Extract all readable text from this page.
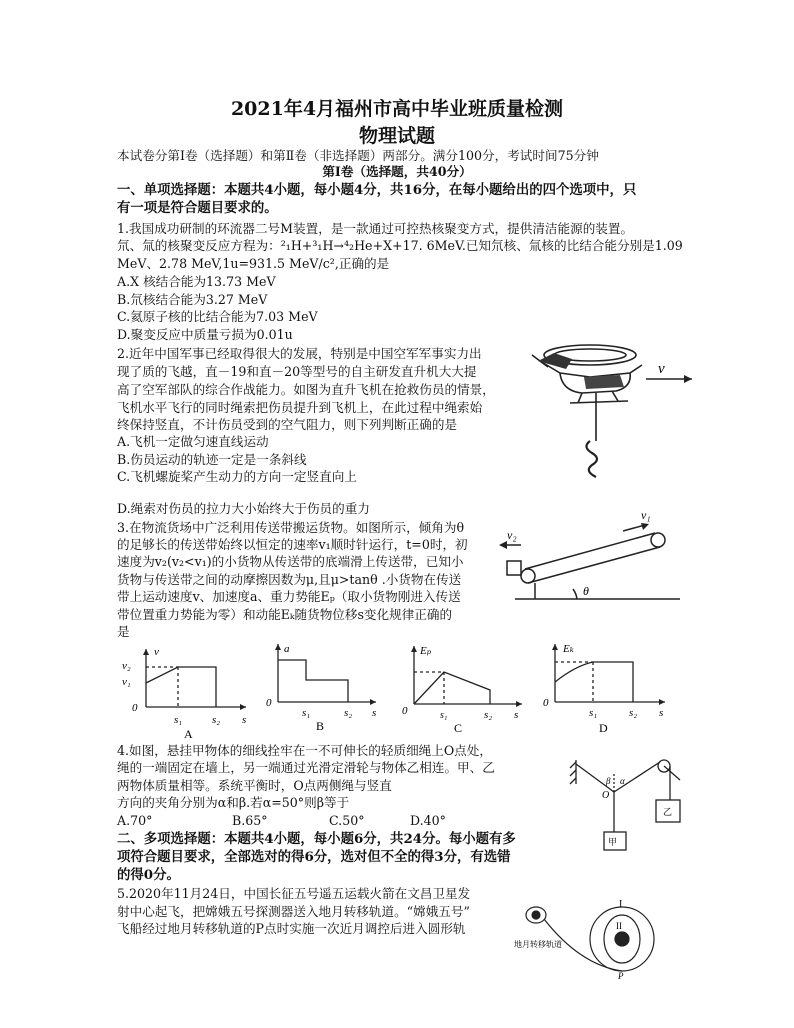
2021年4月福州市高中毕业班质量检测
物理试题
本试卷分第Ⅰ卷（选择题）和第Ⅱ卷（非选择题）两部分。满分100分，考试时间75分钟
第Ⅰ卷（选择题，共40分）
一、单项选择题：本题共4小题，每小题4分，共16分，在每小题给出的四个选项中，只
有一项是符合题目要求的。
1.我国成功研制的环流器二号M装置，是一款通过可控热核聚变方式，提供清洁能源的装置。
氘、氚的核聚变反应方程为：²₁H+³₁H→⁴₂He+X+17. 6MeV.已知氘核、氚核的比结合能分别是1.09
MeV、2.78 MeV,1u=931.5 MeV/c²,正确的是
A.X 核结合能为13.73 MeV
B.氘核结合能为3.27 MeV
C.氦原子核的比结合能为7.03 MeV
D.聚变反应中质量亏损为0.01u
2.近年中国军事已经取得很大的发展，特别是中国空军军事实力出
现了质的飞越，直－19和直－20等型号的自主研发直升机大大提
高了空军部队的综合作战能力。如图为直升飞机在抢救伤员的情景，
飞机水平飞行的同时绳索把伤员提升到飞机上，在此过程中绳索始
终保持竖直，不计伤员受到的空气阻力，则下列判断正确的是
A.飞机一定做匀速直线运动
B.伤员运动的轨迹一定是一条斜线
C.飞机螺旋桨产生动力的方向一定竖直向上
D.绳索对伤员的拉力大小始终大于伤员的重力
v
3.在物流货场中广泛利用传送带搬运货物。如图所示，倾角为θ
的足够长的传送带始终以恒定的速率v₁顺时针运行，t=0时，初
速度为v₂(v₂<v₁)的小货物从传送带的底端滑上传送带，已知小
货物与传送带之间的动摩擦因数为μ,且μ>tanθ .小货物在传送
带上运动速度v、加速度a、重力势能Eₚ（取小货物刚进入传送
带位置重力势能为零）和动能Eₖ随货物位移s变化规律正确的
是
v₂
v₁
θ
v
v₂
v₁
0
s₁	s₂ s
A
a
0
s₁	s₂ s
B
Eₚ
0	s₁	s₂ s
C
Eₖ
0
s₁	s₂ s
D
4.如图，悬挂甲物体的细线拴牢在一不可伸长的轻质细绳上O点处，
绳的一端固定在墙上，另一端通过光滑定滑轮与物体乙相连。甲、乙
两物体质量相等。系统平衡时，O点两侧绳与竖直
方向的夹角分别为α和β.若α=50°则β等于
A.70°	B.65°	C.50°	D.40°
O
α
β
甲
乙
二、多项选择题：本题共4小题，每小题6分，共24分。每小题有多
项符合题目要求，全部选对的得6分，选对但不全的得3分，有选错
的得0分。
5.2020年11月24日，中国长征五号遥五运载火箭在文昌卫星发
射中心起飞，把嫦娥五号探测器送入地月转移轨道。“嫦娥五号”
飞船经过地月转移轨道的P点时实施一次近月调控后进入圆形轨
I
II
P
地月转移轨道
